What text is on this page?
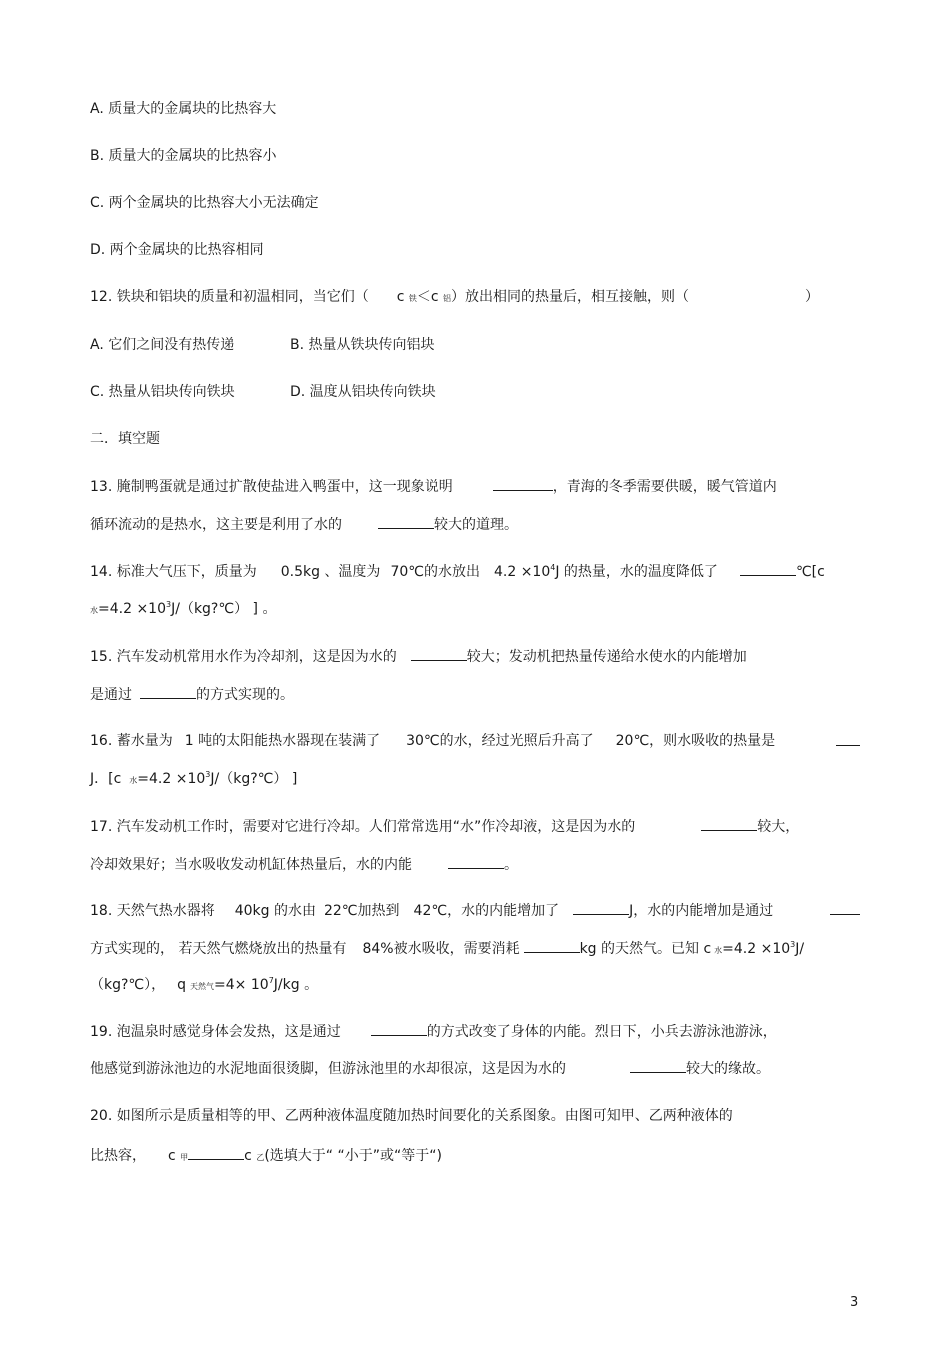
A. 质量大的金属块的比热容大
B. 质量大的金属块的比热容小
C. 两个金属块的比热容大小无法确定
D. 两个金属块的比热容相同
12. 铁块和铝块的质量和初温相同，当它们（ c 铁＜c 铝）放出相同的热量后，相互接触，则（	）
A. 它们之间没有热传递	B. 热量从铁块传向铝块
C. 热量从铝块传向铁块	D. 温度从铝块传向铁块
二．填空题
13. 腌制鸭蛋就是通过扩散使盐进入鸭蛋中，这一现象说明	，青海的冬季需要供暖，暖气管道内
循环流动的是热水，这主要是利用了水的	较大的道理。
14. 标准大气压下，质量为 0.5kg 、温度为 70℃的水放出 $4.2 \times 10^4J$ 的热量，水的温度降低了	℃[c
水$=4.2 \times 10^3J/(kg?℃)$ ] 。
15. 汽车发动机常用水作为冷却剂，这是因为水的	较大；发动机把热量传递给水使水的内能增加
是通过	的方式实现的。
16. 蓄水量为 1 吨的太阳能热水器现在装满了 30℃的水，经过光照后升高了 20℃，则水吸收的热量是
J．[c 水$=4.2 \times 10^3J/(kg?℃)$ ]
17. 汽车发动机工作时，需要对它进行冷却。人们常常选用“水”作冷却液，这是因为水的	较大，
冷却效果好；当水吸收发动机缸体热量后，水的内能	。
18. 天然气热水器将 40kg 的水由 22℃加热到 42℃，水的内能增加了	J，水的内能增加是通过
方式实现的， 若天然气燃烧放出的热量有 84%被水吸收，需要消耗	kg 的天然气。已知 c 水$=4.2 \times 10^3J/$
（kg?℃）， q 天然气$=4\times 10^7J/kg$ 。
19. 泡温泉时感觉身体会发热，这是通过	的方式改变了身体的内能。烈日下，小兵去游泳池游泳，
他感觉到游泳池边的水泥地面很烫脚，但游泳池里的水却很凉，这是因为水的	较大的缘故。
20. 如图所示是质量相等的甲、乙两种液体温度随加热时间要化的关系图象。由图可知甲、乙两种液体的
比热容， c 甲	c 乙(选填大于“ “小于”或“等于“)
3
